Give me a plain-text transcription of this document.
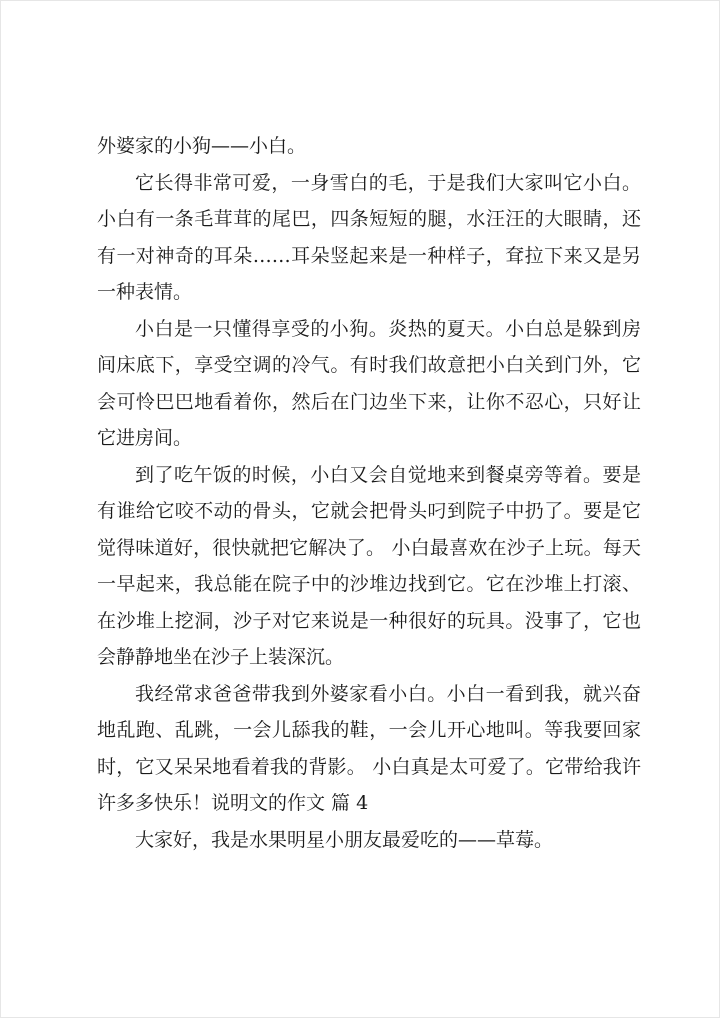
外婆家的小狗——小白。

它长得非常可爱，一身雪白的毛，于是我们大家叫它小白。小白有一条毛茸茸的尾巴，四条短短的腿，水汪汪的大眼睛，还有一对神奇的耳朵……耳朵竖起来是一种样子，耷拉下来又是另一种表情。

小白是一只懂得享受的小狗。炎热的夏天。小白总是躲到房间床底下，享受空调的冷气。有时我们故意把小白关到门外，它会可怜巴巴地看着你，然后在门边坐下来，让你不忍心，只好让它进房间。

到了吃午饭的时候，小白又会自觉地来到餐桌旁等着。要是有谁给它咬不动的骨头，它就会把骨头叼到院子中扔了。要是它觉得味道好，很快就把它解决了。 小白最喜欢在沙子上玩。每天一早起来，我总能在院子中的沙堆边找到它。它在沙堆上打滚、在沙堆上挖洞，沙子对它来说是一种很好的玩具。没事了，它也会静静地坐在沙子上装深沉。

我经常求爸爸带我到外婆家看小白。小白一看到我，就兴奋地乱跑、乱跳，一会儿舔我的鞋，一会儿开心地叫。等我要回家时，它又呆呆地看着我的背影。 小白真是太可爱了。它带给我许许多多快乐！说明文的作文 篇 4

大家好，我是水果明星小朋友最爱吃的——草莓。
